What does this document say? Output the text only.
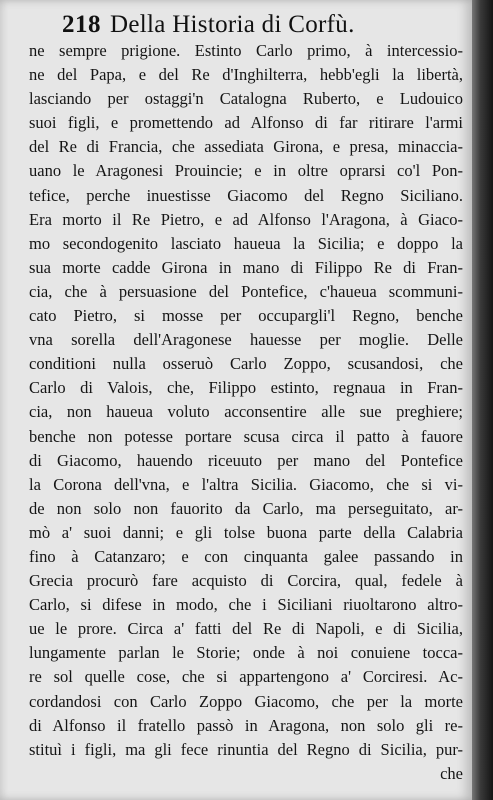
218 Della Historia di Corfù.
ne sempre prigione. Estinto Carlo primo, à intercessio-
ne del Papa, e del Re d'Inghilterra, hebb'egli la libertà,
lasciando per ostaggi'n Catalogna Ruberto, e Ludouico
suoi figli, e promettendo ad Alfonso di far ritirare l'armi
del Re di Francia, che assediata Girona, e presa, minaccia-
uano le Aragonesi Prouincie; e in oltre oprarsi co'l Pon-
tefice, perche inuestisse Giacomo del Regno Siciliano.
Era morto il Re Pietro, e ad Alfonso l'Aragona, à Giaco-
mo secondogenito lasciato haueua la Sicilia; e doppo la
sua morte cadde Girona in mano di Filippo Re di Fran-
cia, che à persuasione del Pontefice, c'haueua scommuni-
cato Pietro, si mosse per occupargli'l Regno, benche
vna sorella dell'Aragonese hauesse per moglie. Delle
conditioni nulla osseruò Carlo Zoppo, scusandosi, che
Carlo di Valois, che, Filippo estinto, regnaua in Fran-
cia, non haueua voluto acconsentire alle sue preghiere;
benche non potesse portare scusa circa il patto à fauore
di Giacomo, hauendo riceuuto per mano del Pontefice
la Corona dell'vna, e l'altra Sicilia. Giacomo, che si vi-
de non solo non fauorito da Carlo, ma perseguitato, ar-
mò a' suoi danni; e gli tolse buona parte della Calabria
fino à Catanzaro; e con cinquanta galee passando in
Grecia procurò fare acquisto di Corcira, qual, fedele à
Carlo, si difese in modo, che i Siciliani riuoltarono altro-
ue le prore. Circa a' fatti del Re di Napoli, e di Sicilia,
lungamente parlan le Storie; onde à noi conuiene tocca-
re sol quelle cose, che si appartengono a' Corciresi. Ac-
cordandosi con Carlo Zoppo Giacomo, che per la morte
di Alfonso il fratello passò in Aragona, non solo gli re-
stituì i figli, ma gli fece rinuntia del Regno di Sicilia, pur-
che
